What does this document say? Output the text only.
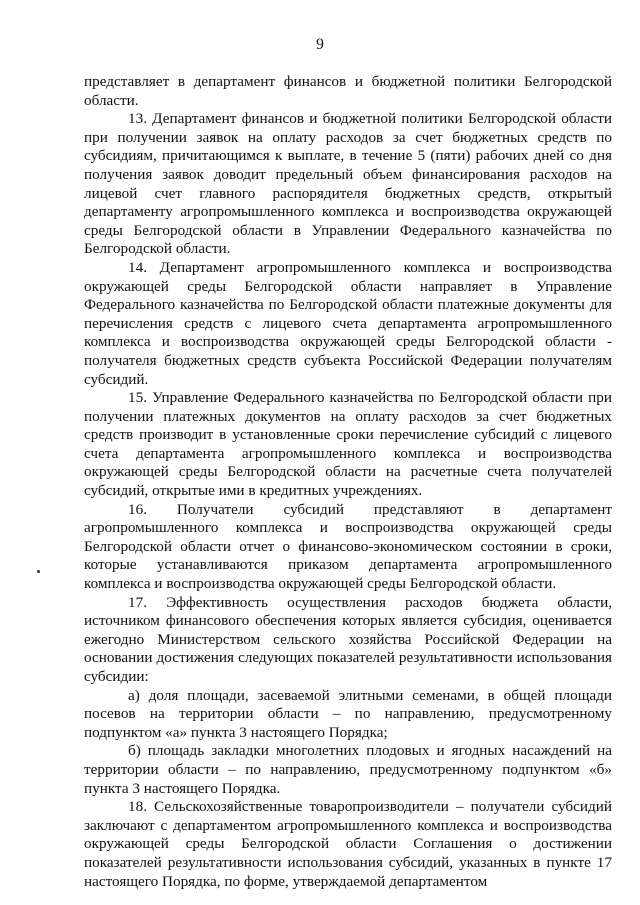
9

представляет в департамент финансов и бюджетной политики Белгородской области.

13. Департамент финансов и бюджетной политики Белгородской области при получении заявок на оплату расходов за счет бюджетных средств по субсидиям, причитающимся к выплате, в течение 5 (пяти) рабочих дней со дня получения заявок доводит предельный объем финансирования расходов на лицевой счет главного распорядителя бюджетных средств, открытый департаменту агропромышленного комплекса и воспроизводства окружающей среды Белгородской области в Управлении Федерального казначейства по Белгородской области.

14. Департамент агропромышленного комплекса и воспроизводства окружающей среды Белгородской области направляет в Управление Федерального казначейства по Белгородской области платежные документы для перечисления средств с лицевого счета департамента агропромышленного комплекса и воспроизводства окружающей среды Белгородской области - получателя бюджетных средств субъекта Российской Федерации получателям субсидий.

15. Управление Федерального казначейства по Белгородской области при получении платежных документов на оплату расходов за счет бюджетных средств производит в установленные сроки перечисление субсидий с лицевого счета департамента агропромышленного комплекса и воспроизводства окружающей среды Белгородской области на расчетные счета получателей субсидий, открытые ими в кредитных учреждениях.

16. Получатели субсидий представляют в департамент агропромышленного комплекса и воспроизводства окружающей среды Белгородской области отчет о финансово-экономическом состоянии в сроки, которые устанавливаются приказом департамента агропромышленного комплекса и воспроизводства окружающей среды Белгородской области.

17. Эффективность осуществления расходов бюджета области, источником финансового обеспечения которых является субсидия, оценивается ежегодно Министерством сельского хозяйства Российской Федерации на основании достижения следующих показателей результативности использования субсидии:

а) доля площади, засеваемой элитными семенами, в общей площади посевов на территории области – по направлению, предусмотренному подпунктом «а» пункта 3 настоящего Порядка;

б) площадь закладки многолетних плодовых и ягодных насаждений на территории области – по направлению, предусмотренному подпунктом «б» пункта 3 настоящего Порядка.

18. Сельскохозяйственные товаропроизводители – получатели субсидий заключают с департаментом агропромышленного комплекса и воспроизводства окружающей среды Белгородской области Соглашения о достижении показателей результативности использования субсидий, указанных в пункте 17 настоящего Порядка, по форме, утверждаемой департаментом
